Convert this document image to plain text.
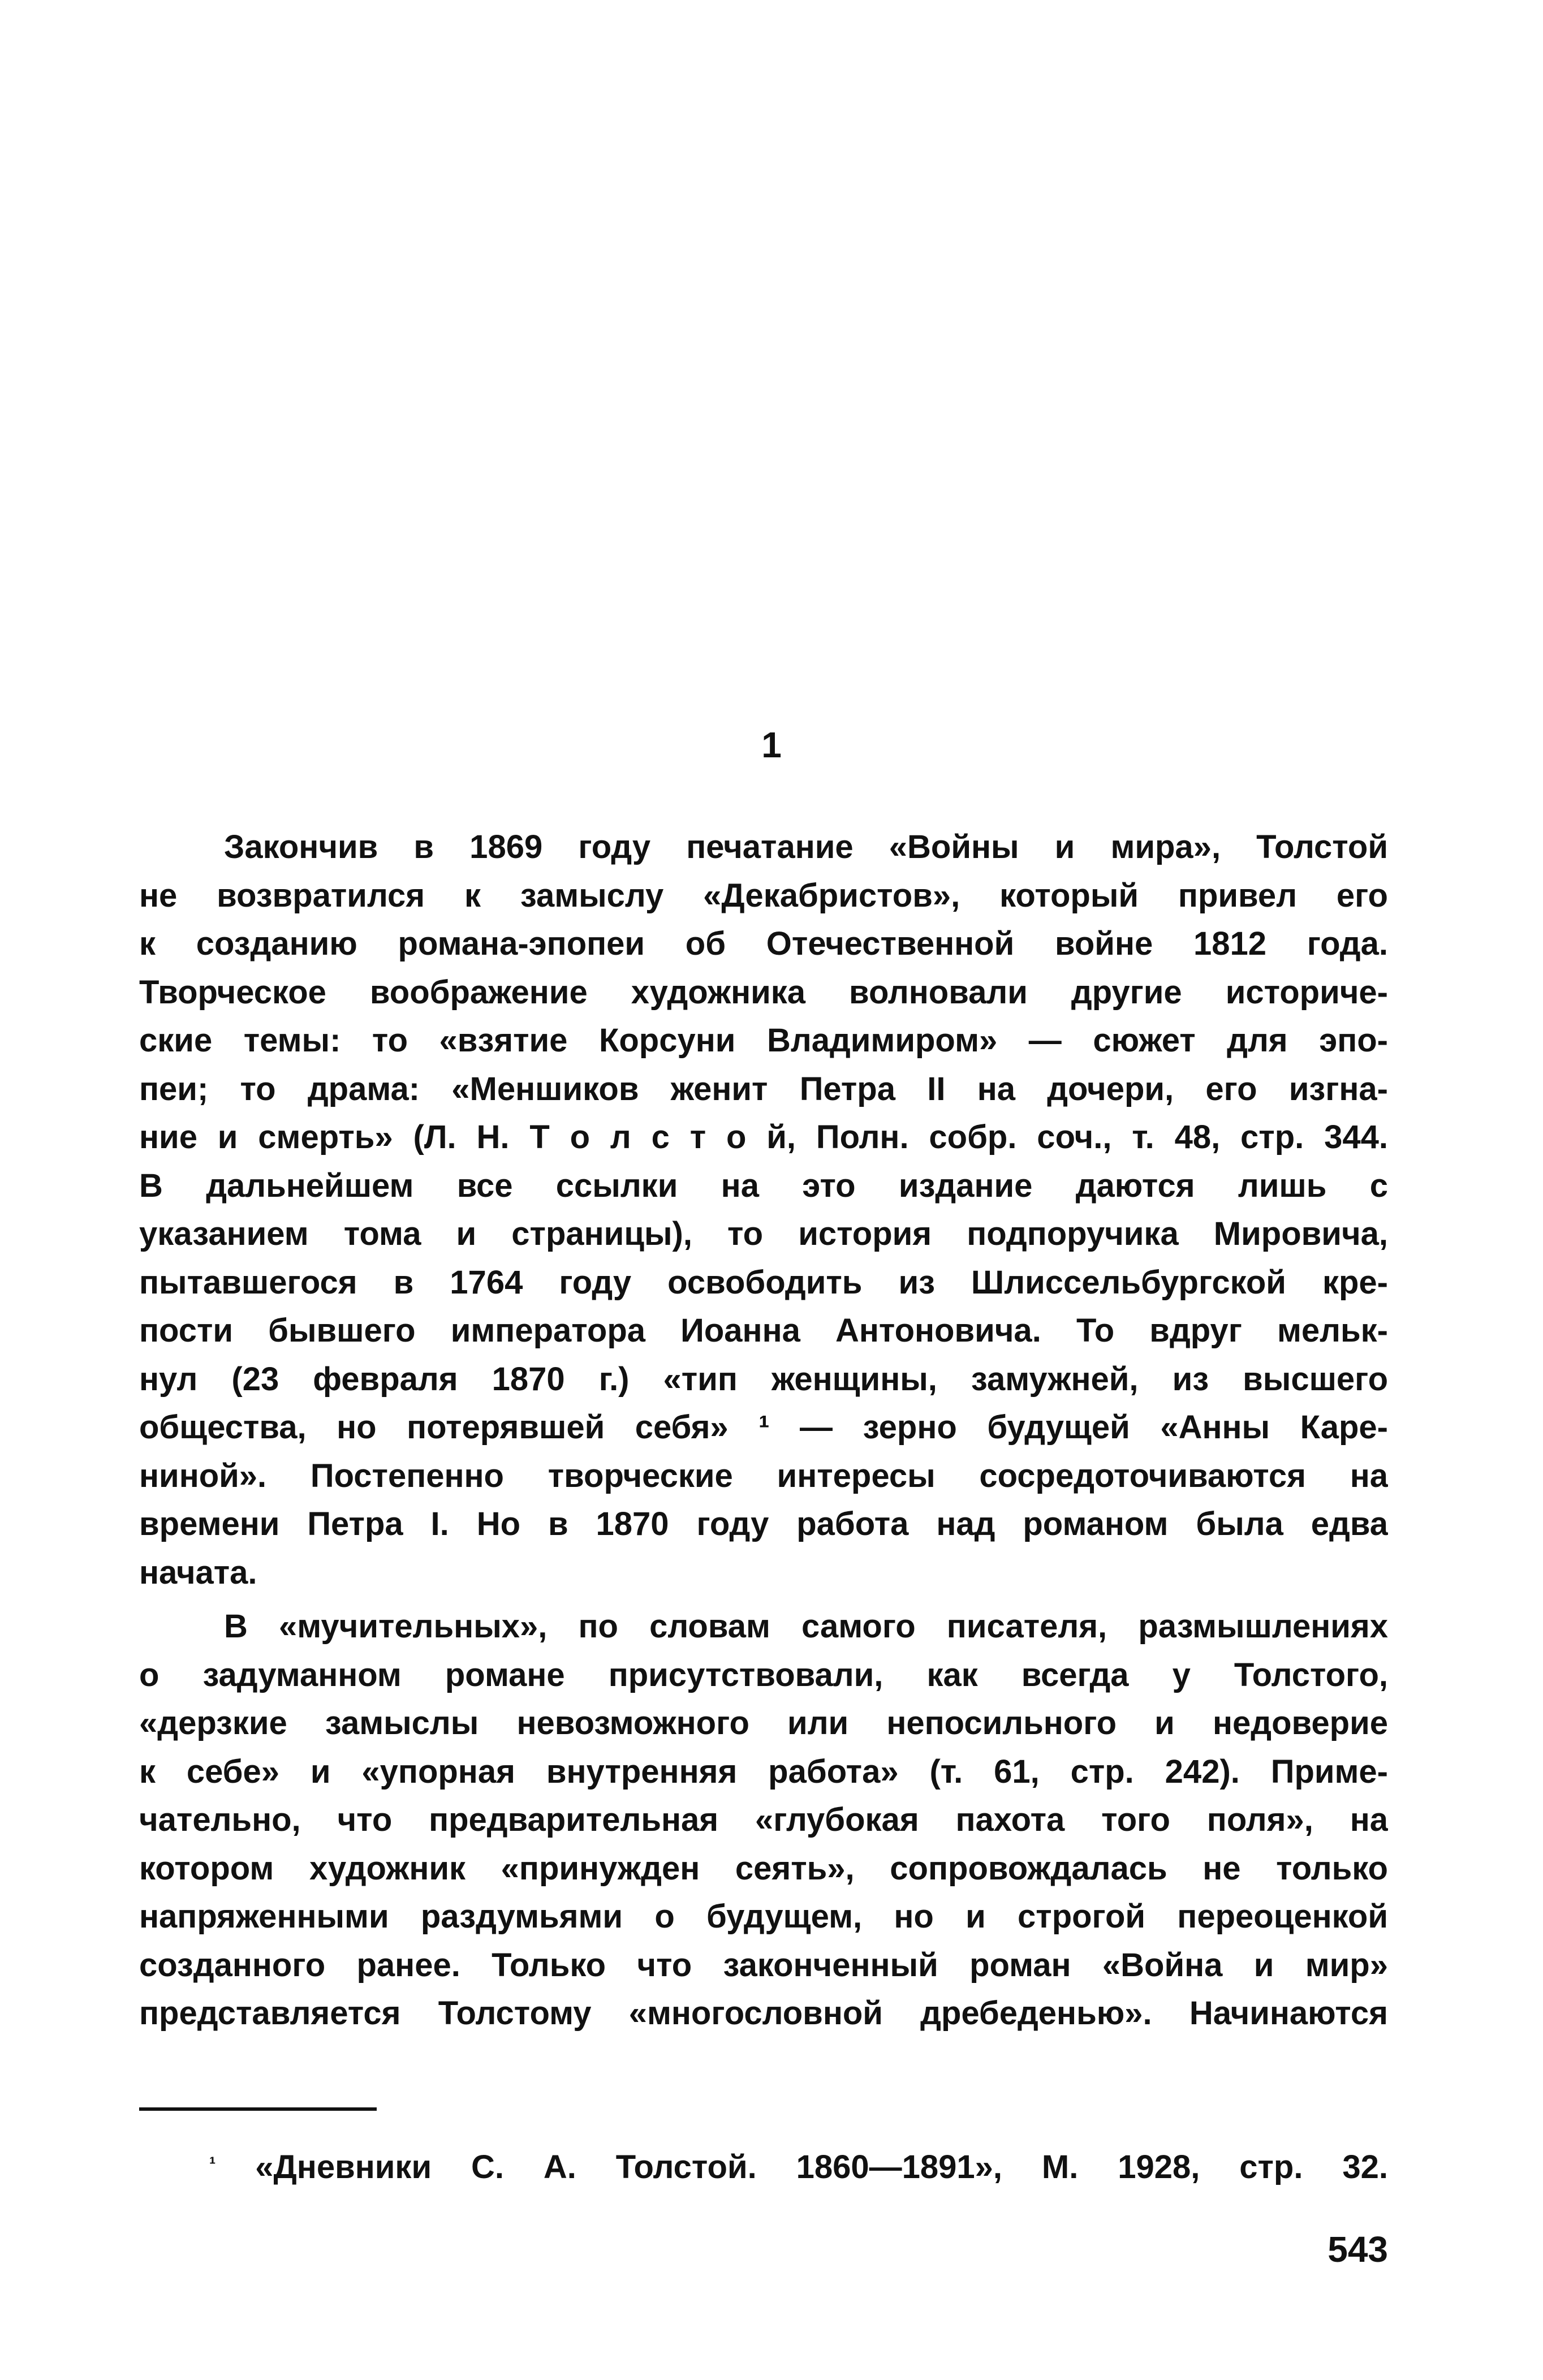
1
Закончив в 1869 году печатание «Войны и мира», Толстой
не возвратился к замыслу «Декабристов», который привел его
к созданию романа-эпопеи об Отечественной войне 1812 года.
Творческое воображение художника волновали другие историче-
ские темы: то «взятие Корсуни Владимиром» — сюжет для эпо-
пеи; то драма: «Меншиков женит Петра II на дочери, его изгна-
ние и смерть» (Л. Н. Т о л с т о й, Полн. собр. соч., т. 48, стр. 344.
В дальнейшем все ссылки на это издание даются лишь с
указанием тома и страницы), то история подпоручика Мировича,
пытавшегося в 1764 году освободить из Шлиссельбургской кре-
пости бывшего императора Иоанна Антоновича. То вдруг мельк-
нул (23 февраля 1870 г.) «тип женщины, замужней, из высшего
общества, но потерявшей себя» ¹ — зерно будущей «Анны Каре-
ниной». Постепенно творческие интересы сосредоточиваются на
времени Петра I. Но в 1870 году работа над романом была едва
начата.
В «мучительных», по словам самого писателя, размышлениях
о задуманном романе присутствовали, как всегда у Толстого,
«дерзкие замыслы невозможного или непосильного и недоверие
к себе» и «упорная внутренняя работа» (т. 61, стр. 242). Приме-
чательно, что предварительная «глубокая пахота того поля», на
котором художник «принужден сеять», сопровождалась не только
напряженными раздумьями о будущем, но и строгой переоценкой
созданного ранее. Только что законченный роман «Война и мир»
представляется Толстому «многословной дребеденью». Начинаются
$^{^1}$ «Дневники С. А. Толстой. 1860—1891», М. 1928, стр. 32.
543
